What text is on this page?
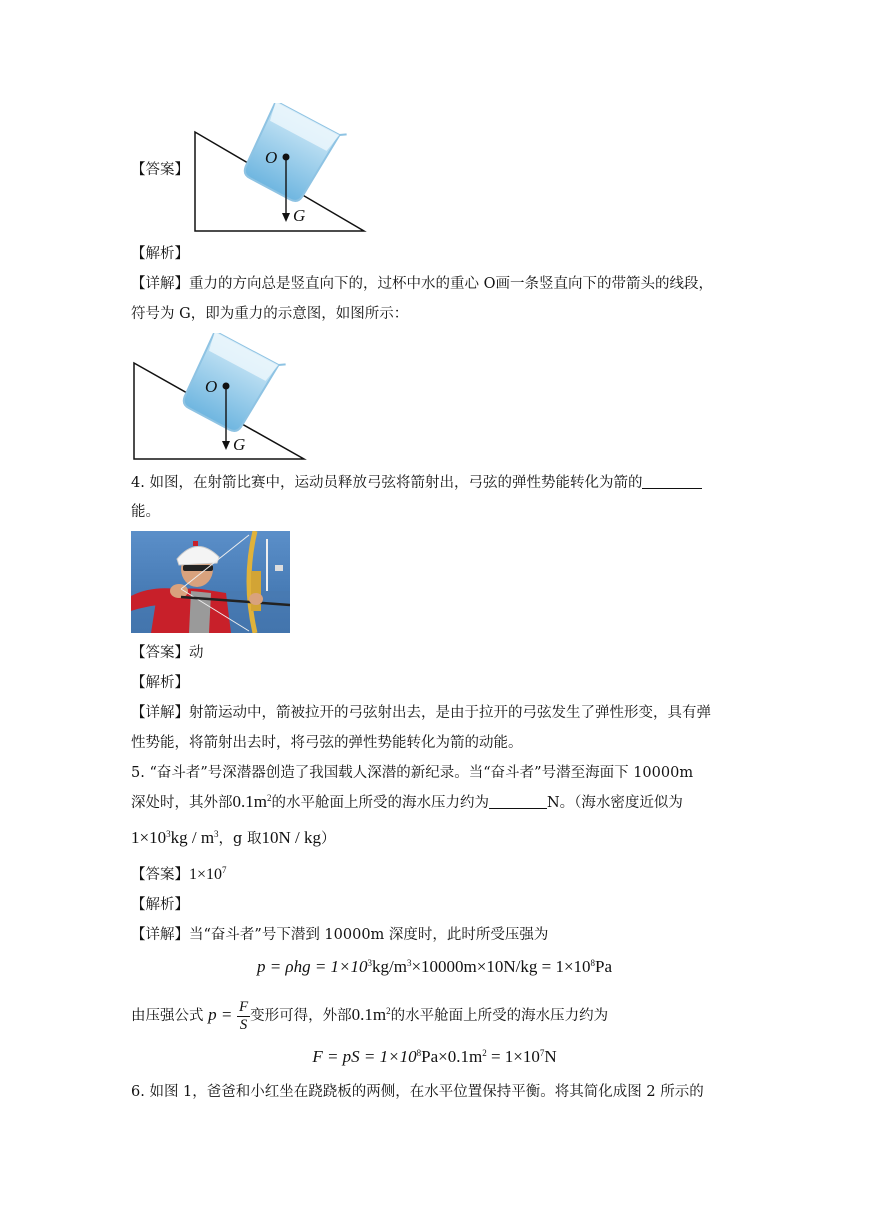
【答案】
O
G
【解析】
【详解】重力的方向总是竖直向下的，过杯中水的重心 O画一条竖直向下的带箭头的线段，
符号为 G，即为重力的示意图，如图所示：
O
G
4. 如图，在射箭比赛中，运动员释放弓弦将箭射出，弓弦的弹性势能转化为箭的
能。
【答案】动
【解析】
【详解】射箭运动中，箭被拉开的弓弦射出去，是由于拉开的弓弦发生了弹性形变，具有弹
性势能，将箭射出去时，将弓弦的弹性势能转化为箭的动能。
5. “奋斗者”号深潜器创造了我国载人深潜的新纪录。当“奋斗者”号潜至海面下 10000m
深处时，其外部$0.1m^2$的水平舱面上所受的海水压力约为	N。（海水密度近似为
$1\times 10^3kg / m^3$，g 取10N / kg）
【答案】$1\times 10^7$
【解析】
【详解】当“奋斗者”号下潜到 10000m 深度时，此时所受压强为
$p = \rho hg = 1\times 10^3kg/m^3\times 10000m\times 10N/kg = 1\times 10^8Pa$
由压强公式 $p = \frac{F}{S}$ 变形可得，外部$0.1m^2$的水平舱面上所受的海水压力约为
F = pS = $1\times 10^8Pa\times 0.1m^2 = 1\times 10^7N$
6. 如图 1，爸爸和小红坐在跷跷板的两侧，在水平位置保持平衡。将其简化成图 2 所示的
